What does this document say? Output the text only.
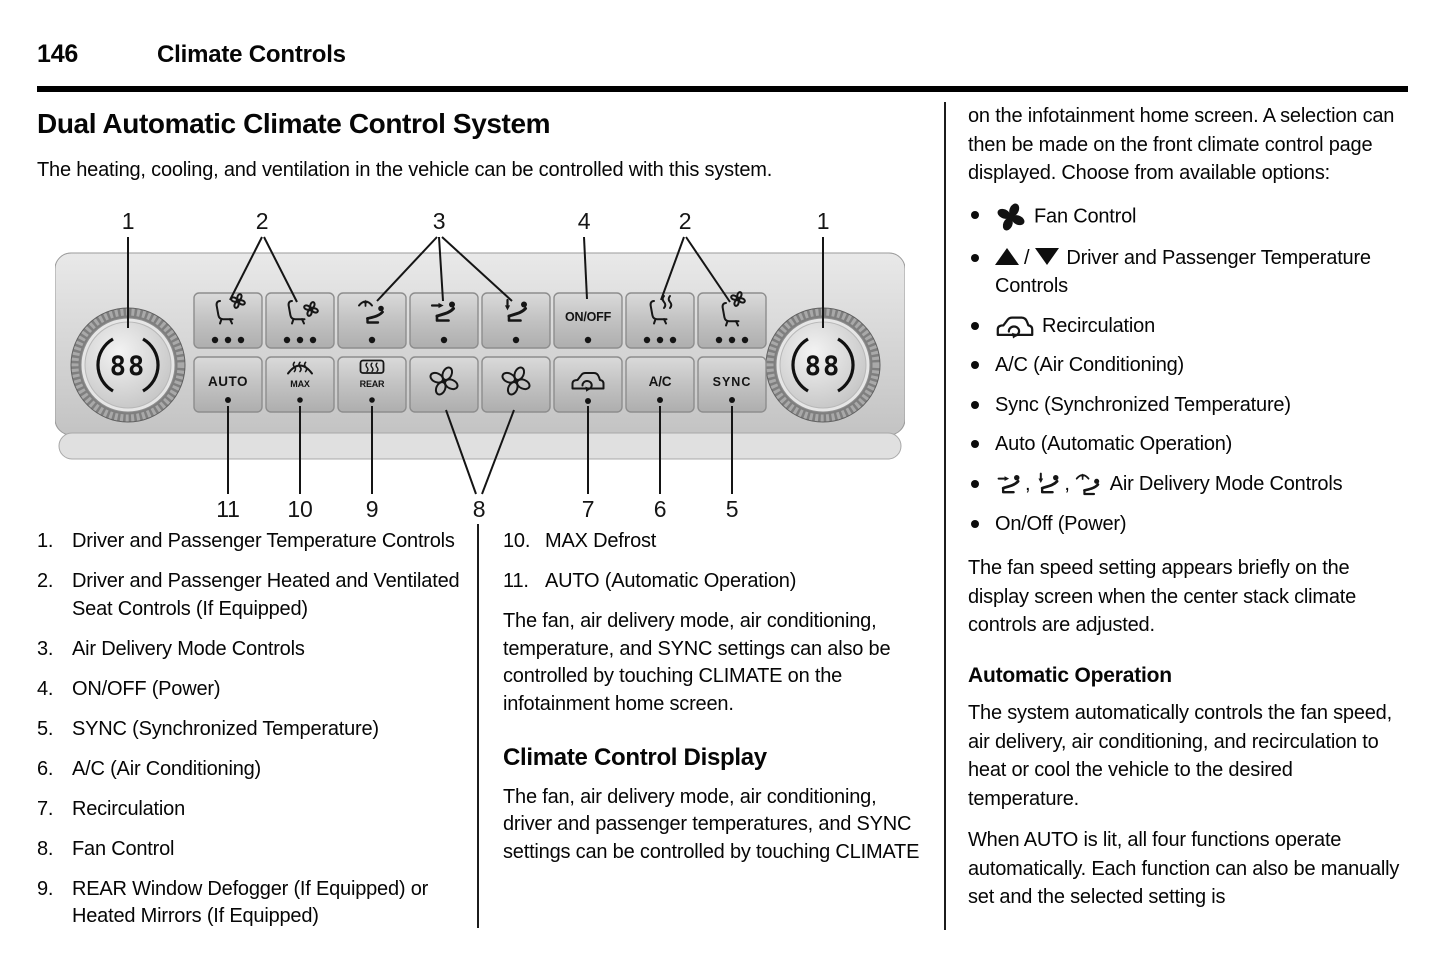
146	Climate Controls
Dual Automatic Climate Control System
The heating, cooling, and ventilation in the vehicle can be controlled with this system.
88	88
ON/OFF
AUTO	MAX	REAR	A/C	SYNC
1	2	3	4	2	1
11 10 9	8	7	6	5
1. Driver and Passenger Temperature Controls
2. Driver and Passenger Heated and Ventilated Seat Controls (If Equipped)
3. Air Delivery Mode Controls
4. ON/OFF (Power)
5. SYNC (Synchronized Temperature)
6. A/C (Air Conditioning)
7. Recirculation
8. Fan Control
9. REAR Window Defogger (If Equipped) or Heated Mirrors (If Equipped)
10. MAX Defrost
11. AUTO (Automatic Operation)

The fan, air delivery mode, air conditioning, temperature, and SYNC settings can also be controlled by touching CLIMATE on the infotainment home screen.

Climate Control Display

The fan, air delivery mode, air conditioning, driver and passenger temperatures, and SYNC settings can be controlled by touching CLIMATE

on the infotainment home screen. A selection can then be made on the front climate control page displayed. Choose from available options:

Fan Control
/ Driver and Passenger Temperature Controls
Recirculation
A/C (Air Conditioning)
Sync (Synchronized Temperature)
Auto (Automatic Operation)
, , Air Delivery Mode Controls
On/Off (Power)

The fan speed setting appears briefly on the display screen when the center stack climate controls are adjusted.

Automatic Operation

The system automatically controls the fan speed, air delivery, air conditioning, and recirculation to heat or cool the vehicle to the desired temperature.

When AUTO is lit, all four functions operate automatically. Each function can also be manually set and the selected setting is
